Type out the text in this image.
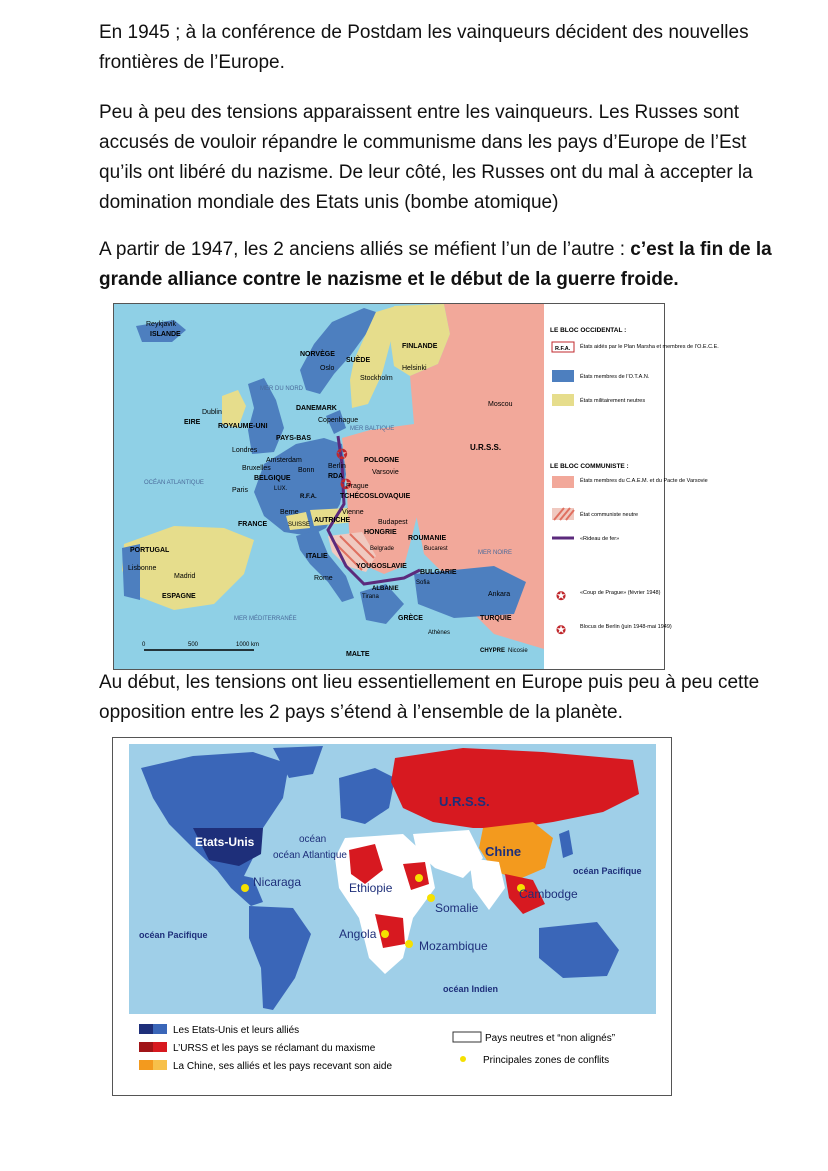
En 1945 ; à la conférence de Postdam les vainqueurs décident des nouvelles frontières de l’Europe.

Peu à peu des tensions apparaissent entre les vainqueurs. Les Russes sont accusés de vouloir répandre le communisme dans les pays d’Europe de l’Est qu’ils ont libéré du nazisme. De leur côté, les Russes ont du mal à accepter la domination mondiale des Etats unis (bombe atomique)

A partir de 1947, les 2 anciens alliés se méfient l’un de l’autre : c’est la fin de la grande alliance contre le nazisme et le début de la guerre froide.

✪
✪
Reykjavik
ISLANDE
NORVÈGE
SUÈDE
FINLANDE
Oslo
Stockholm
Helsinki
MER DU NORD
DANEMARK
Copenhague
MER BALTIQUE
Dublin
EIRE
ROYAUME-UNI
Londres
PAYS-BAS
Amsterdam
Bruxelles
BELGIQUE
LUX.
Bonn
Berlin
RDA
POLOGNE
Varsovie
Moscou
U.R.S.S.
OCÉAN ATLANTIQUE
Paris
R.F.A.
Prague
TCHÉCOSLOVAQUIE
Berne
SUISSE
Vienne
AUTRICHE
FRANCE	Budapest
HONGRIE
ROUMANIE
Belgrade	Bucarest
MER NOIRE
PORTUGAL
Lisbonne
Madrid
ESPAGNE
ITALIE
Rome
YOUGOSLAVIE
BULGARIE
Sofia
ALBANIE
Tirana	Ankara
TURQUIE
GRÈCE
Athènes
MER MÉDITERRANÉE
MALTE	CHYPRE Nicosie
0	500	1000 km
LE BLOC OCCIDENTAL :
R.F.A. États aidés par le Plan Marsha et membres de l’O.E.C.E.
États membres de l’O.T.A.N.
États militairement neutres
LE BLOC COMMUNISTE :
États membres du C.A.E.M. et du Pacte de Varsovie
État communiste neutre
«Rideau de fer»
✪	«Coup de Prague» (février 1948)
✪	Blocus de Berlin (juin 1948-mai 1949)

Au début, les tensions ont lieu essentiellement en Europe puis peu à peu cette opposition entre les 2 pays s’étend à l’ensemble de la planète.

U.R.S.S.
Etats-Unis	océan
océan Atlantique	Chine
océan Pacifique
Nicaraga	Ethiopie	Cambodge
Somalie
océan Pacifique	Angola
Mozambique
océan Indien
Les Etats-Unis et leurs alliés
L’URSS et les pays se réclamant du maxisme
La Chine, ses alliés et les pays recevant son aide
Pays neutres et “non alignés”
Principales zones de conflits
